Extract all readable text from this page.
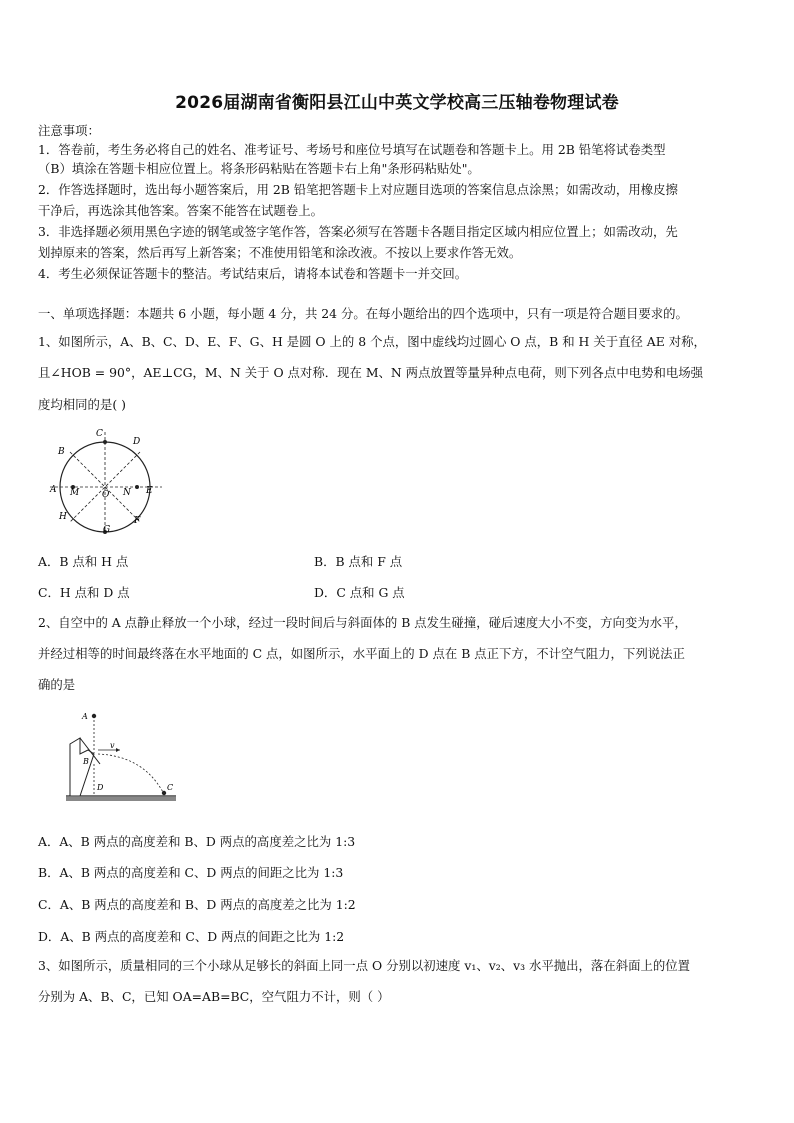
2026届湖南省衡阳县江山中英文学校高三压轴卷物理试卷
注意事项：
1．答卷前，考生务必将自己的姓名、准考证号、考场号和座位号填写在试题卷和答题卡上。用 2B 铅笔将试卷类型
（B）填涂在答题卡相应位置上。将条形码粘贴在答题卡右上角"条形码粘贴处"。
2．作答选择题时，选出每小题答案后，用 2B 铅笔把答题卡上对应题目选项的答案信息点涂黑；如需改动，用橡皮擦
干净后，再选涂其他答案。答案不能答在试题卷上。
3．非选择题必须用黑色字迹的钢笔或签字笔作答，答案必须写在答题卡各题目指定区域内相应位置上；如需改动，先
划掉原来的答案，然后再写上新答案；不准使用铅笔和涂改液。不按以上要求作答无效。
4．考生必须保证答题卡的整洁。考试结束后，请将本试卷和答题卡一并交回。
一、单项选择题：本题共 6 小题，每小题 4 分，共 24 分。在每小题给出的四个选项中，只有一项是符合题目要求的。
1、如图所示，A、B、C、D、E、F、G、H 是圆 O 上的 8 个点，图中虚线均过圆心 O 点，B 和 H 关于直径 AE 对称，
且∠HOB = 90°，AE⊥CG，M、N 关于 O 点对称．现在 M、N 两点放置等量异种点电荷，则下列各点中电势和电场强
度均相同的是( )
C
D
B
A M	O N E
H	F
G
A．B 点和 H 点	B．B 点和 F 点
C．H 点和 D 点	D．C 点和 G 点
2、自空中的 A 点静止释放一个小球，经过一段时间后与斜面体的 B 点发生碰撞，碰后速度大小不变，方向变为水平，
并经过相等的时间最终落在水平地面的 C 点，如图所示，水平面上的 D 点在 B 点正下方，不计空气阻力，下列说法正
确的是
A
v
B
D	C
A．A、B 两点的高度差和 B、D 两点的高度差之比为 1:3
B．A、B 两点的高度差和 C、D 两点的间距之比为 1:3
C．A、B 两点的高度差和 B、D 两点的高度差之比为 1:2
D．A、B 两点的高度差和 C、D 两点的间距之比为 1:2
3、如图所示，质量相同的三个小球从足够长的斜面上同一点 O 分别以初速度 v₁、v₂、v₃ 水平抛出，落在斜面上的位置
分别为 A、B、C，已知 OA=AB=BC，空气阻力不计，则（ ）
